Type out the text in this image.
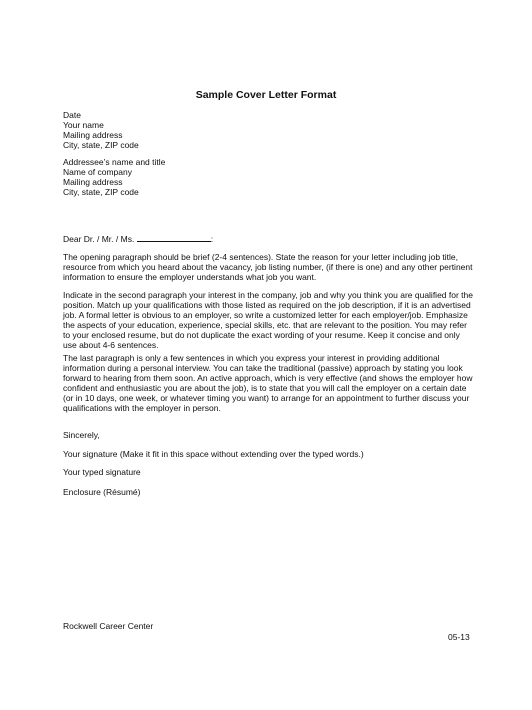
Sample Cover Letter Format
Date
Your name
Mailing address
City, state, ZIP code
Addressee’s name and title
Name of company
Mailing address
City, state, ZIP code
Dear Dr. / Mr. / Ms.	:
The opening paragraph should be brief (2-4 sentences). State the reason for your letter including job title, resource from which you heard about the vacancy, job listing number, (if there is one) and any other pertinent information to ensure the employer understands what job you want.
Indicate in the second paragraph your interest in the company, job and why you think you are qualified for the position. Match up your qualifications with those listed as required on the job description, if it is an advertised job. A formal letter is obvious to an employer, so write a customized letter for each employer/job. Emphasize the aspects of your education, experience, special skills, etc. that are relevant to the position. You may refer to your enclosed resume, but do not duplicate the exact wording of your resume. Keep it concise and only use about 4-6 sentences.
The last paragraph is only a few sentences in which you express your interest in providing additional information during a personal interview. You can take the traditional (passive) approach by stating you look forward to hearing from them soon. An active approach, which is very effective (and shows the employer how confident and enthusiastic you are about the job), is to state that you will call the employer on a certain date (or in 10 days, one week, or whatever timing you want) to arrange for an appointment to further discuss your qualifications with the employer in person.
Sincerely,
Your signature (Make it fit in this space without extending over the typed words.)
Your typed signature
Enclosure (Résumé)
Rockwell Career Center
05-13
